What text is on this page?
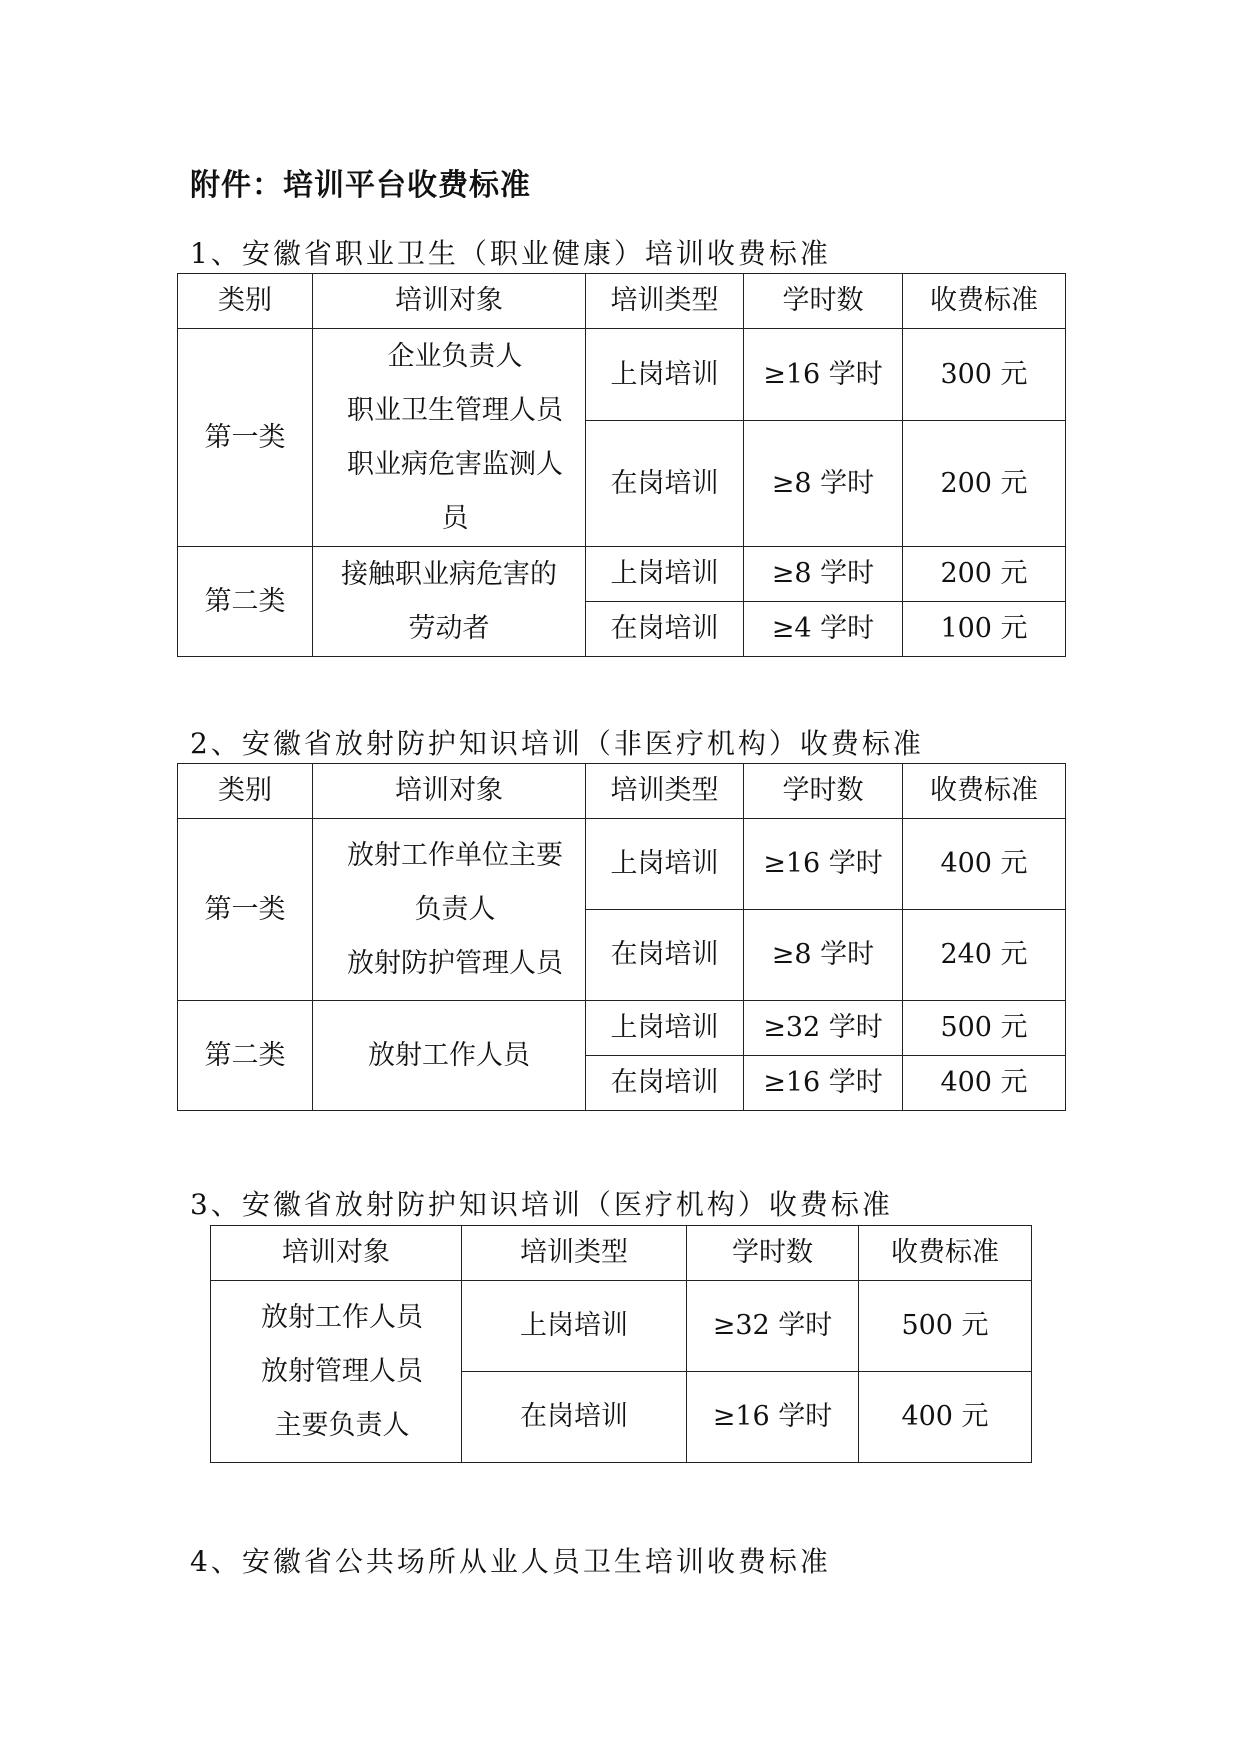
附件：培训平台收费标准
1、安徽省职业卫生（职业健康）培训收费标准
类别	培训对象	培训类型	学时数	收费标准
第一类	企业负责人
职业卫生管理人员
职业病危害监测人
员	上岗培训	≥16 学时	300 元
		在岗培训	≥8 学时	200 元
第二类	接触职业病危害的
劳动者	上岗培训	≥8 学时	200 元
		在岗培训	≥4 学时	100 元
2、安徽省放射防护知识培训（非医疗机构）收费标准
类别	培训对象	培训类型	学时数	收费标准
第一类	放射工作单位主要
负责人
放射防护管理人员	上岗培训	≥16 学时	400 元
		在岗培训	≥8 学时	240 元
第二类	放射工作人员	上岗培训	≥32 学时	500 元
		在岗培训	≥16 学时	400 元
3、安徽省放射防护知识培训（医疗机构）收费标准
培训对象	培训类型	学时数	收费标准

放射工作人员
放射管理人员
主要负责人	上岗培训	≥32 学时	500 元
	在岗培训	≥16 学时	400 元
4、安徽省公共场所从业人员卫生培训收费标准
